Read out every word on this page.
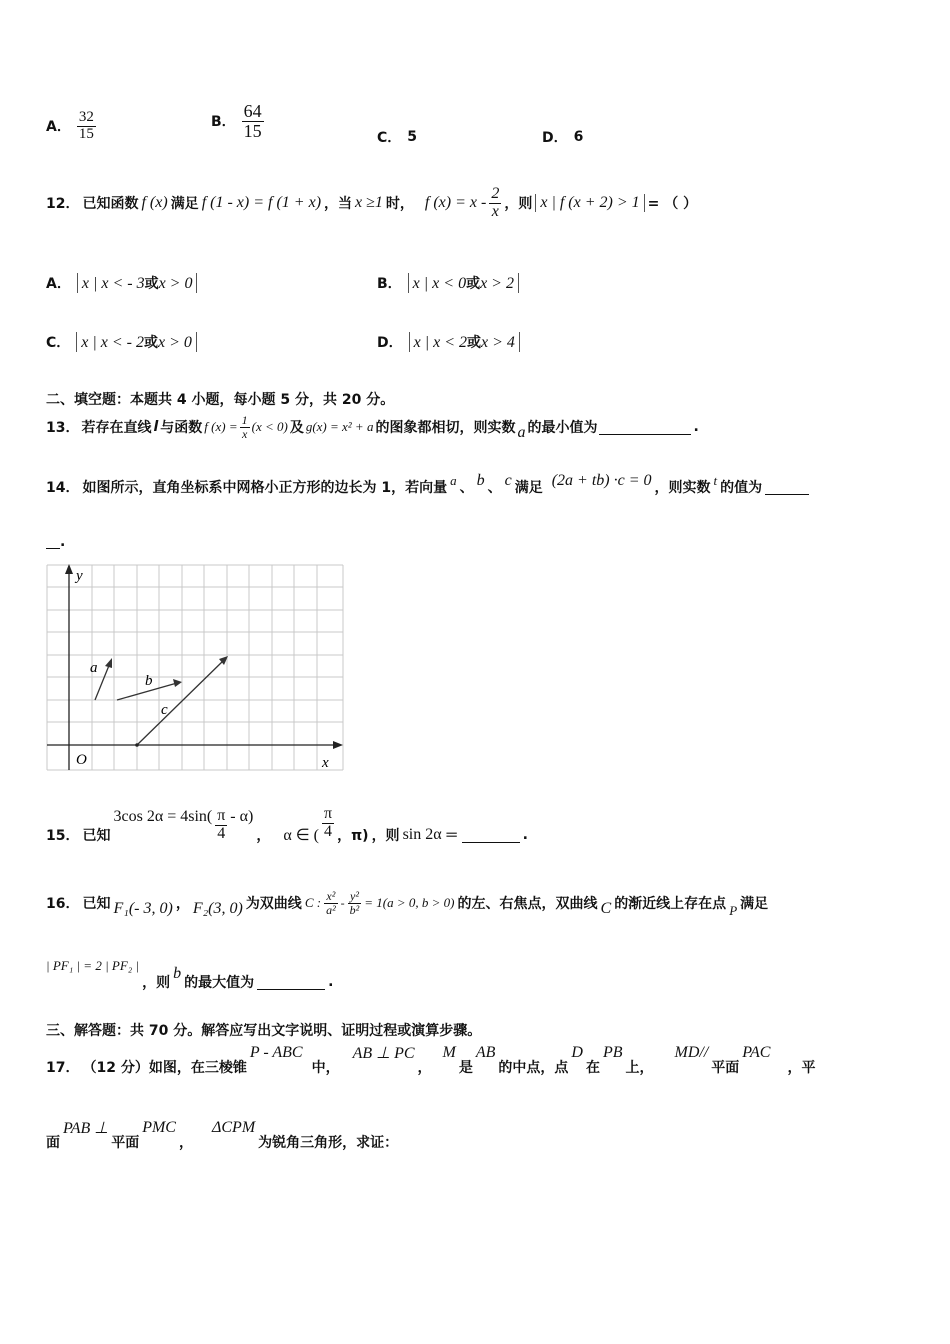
A． $\frac{32}{15}$	B． $\frac{64}{15}$	C． 5	D． 6
12． 已知函数 f (x) 满足 f (1 - x) = f (1 + x) ，当 x ≥1 时， f $(x) = x - \frac{2}{x}$ ，则 x | f (x + 2) > 1 = （ ）
A． x | x < - 3或x > 0	B． x | x < 0或x > 2
C． x | x < - 2或x > 0	D． x | x < 2或x > 4
二、填空题：本题共 4 小题，每小题 5 分，共 20 分。
13． 若存在直线 l 与函数 f $(x) = \frac{1}{x} (x < 0)$ 及 g(x) = x² + a 的图象都相切，则实数 a 的最小值为	.
14． 如图所示，直角坐标系中网格小正方形的边长为 1，若向量 a 、 b 、 c 满足 (2a + tb) ·c = 0 ，则实数 t 的值为
.
y
x
O
a
b
c
15． 已知
3cos $2\alpha = 4\sin( \frac{\pi}{4} - \alpha)$
， α ∈ ( $\frac{\pi}{4}$ ，π) ，则 sin 2α ＝	.
16． 已知 F₁(- 3, 0) ， F₂(3, 0) 为双曲线 C : $\frac{\text{x²}}{\text{a²}} - \frac{\text{y²}}{\text{b²}} = 1(a > 0$, b > 0) 的左、右焦点，双曲线 C 的渐近线上存在点 P 满足
| PF₁ | = 2 | PF₂ |
，则
b
的最大值为	.
三、解答题：共 70 分。解答应写出文字说明、证明过程或演算步骤。
17． （12 分）如图，在三棱锥
P - ABC
中，
AB ⊥ PC
，
M
是
AB
的中点，点
D
在
PB
上，
MD//
平面
PAC
，平
面
PAB ⊥
平面
PMC
，
ΔCPM
为锐角三角形，求证：
